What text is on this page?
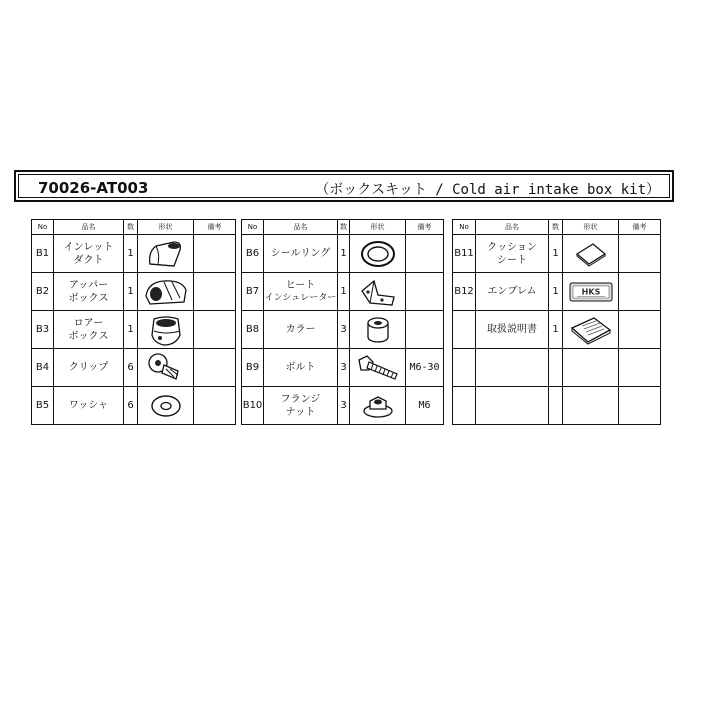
70026-AT003	（ボックスキット / Cold air intake box kit）
No	品名	数	形状	備考
B1	インレット
ダクト	1	

B2	アッパー
ボックス	1	

B3	ロアー
ボックス	1	

B4	クリップ	6	

B5	ワッシャ	6	

No	品名	数	形状	備考
B6	シールリング	1	

B7	ヒート
インシュレーター	1	

B8	カラー	3	

B9	ボルト	3		M6-30
B10	フランジ
ナット	3		M6
No	品名	数	形状	備考
B11	クッション
シート	1	

B12	エンブレム	1	HKS	

	取扱説明書	1	
